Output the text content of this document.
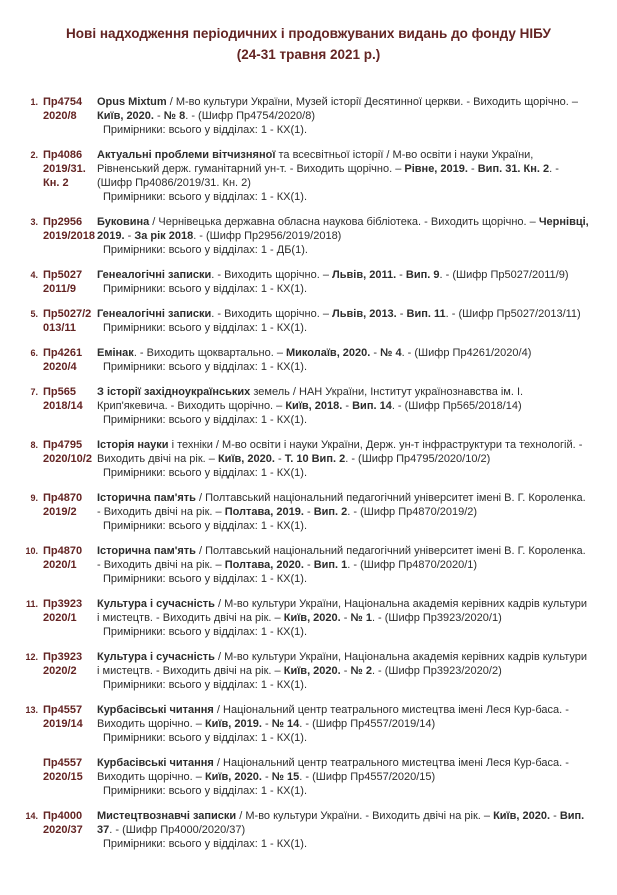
Нові надходження періодичних і продовжуваних видань до фонду НІБУ
(24-31 травня 2021 р.)
1. Пр4754
2020/8
Opus Mixtum / М-во культури України, Музей історії Десятинної церкви. - Виходить щорічно. – Київ, 2020. - № 8. - (Шифр Пр4754/2020/8)
Примірники: всього у відділах: 1 - КХ(1).
2. Пр4086
2019/31.
Кн. 2
Актуальні проблеми вітчизняної та всесвітньої історії / М-во освіти і науки України, Рівненський держ. гуманітарний ун-т. - Виходить щорічно. – Рівне, 2019. - Вип. 31. Кн. 2. - (Шифр Пр4086/2019/31. Кн. 2)
Примірники: всього у відділах: 1 - КХ(1).
3. Пр2956
2019/2018
Буковина / Чернівецька державна обласна наукова бібліотека. - Виходить щорічно. – Чернівці, 2019. - За рік 2018. - (Шифр Пр2956/2019/2018)
Примірники: всього у відділах: 1 - ДБ(1).
4. Пр5027
2011/9
Генеалогічні записки. - Виходить щорічно. – Львів, 2011. - Вип. 9. - (Шифр Пр5027/2011/9)
Примірники: всього у відділах: 1 - КХ(1).
5. Пр5027/2
013/11
Генеалогічні записки. - Виходить щорічно. – Львів, 2013. - Вип. 11. - (Шифр Пр5027/2013/11)
Примірники: всього у відділах: 1 - КХ(1).
6. Пр4261
2020/4
Емінак. - Виходить щоквартально. – Миколаїв, 2020. - № 4. - (Шифр Пр4261/2020/4)
Примірники: всього у відділах: 1 - КХ(1).
7. Пр565
2018/14
З історії західноукраїнських земель / НАН України, Інститут українознавства ім. І. Крип'якевича. - Виходить щорічно. – Київ, 2018. - Вип. 14. - (Шифр Пр565/2018/14)
Примірники: всього у відділах: 1 - КХ(1).
8. Пр4795
2020/10/2
Історія науки і техніки / М-во освіти і науки України, Держ. ун-т інфраструктури та технологій. - Виходить двічі на рік. – Київ, 2020. - Т. 10 Вип. 2. - (Шифр Пр4795/2020/10/2)
Примірники: всього у відділах: 1 - КХ(1).
9. Пр4870
2019/2
Історична пам'ять / Полтавський національний педагогічний університет імені В. Г. Короленка. - Виходить двічі на рік. – Полтава, 2019. - Вип. 2. - (Шифр Пр4870/2019/2)
Примірники: всього у відділах: 1 - КХ(1).
10. Пр4870
2020/1
Історична пам'ять / Полтавський національний педагогічний університет імені В. Г. Короленка. - Виходить двічі на рік. – Полтава, 2020. - Вип. 1. - (Шифр Пр4870/2020/1)
Примірники: всього у відділах: 1 - КХ(1).
11. Пр3923
2020/1
Культура і сучасність / М-во культури України, Національна академія керівних кадрів культури і мистецтв. - Виходить двічі на рік. – Київ, 2020. - № 1. - (Шифр Пр3923/2020/1)
Примірники: всього у відділах: 1 - КХ(1).
12. Пр3923
2020/2
Культура і сучасність / М-во культури України, Національна академія керівних кадрів культури і мистецтв. - Виходить двічі на рік. – Київ, 2020. - № 2. - (Шифр Пр3923/2020/2)
Примірники: всього у відділах: 1 - КХ(1).
13. Пр4557
2019/14
Курбасівські читання / Національний центр театрального мистецтва імені Леся Кур-баса. - Виходить щорічно. – Київ, 2019. - № 14. - (Шифр Пр4557/2019/14)
Примірники: всього у відділах: 1 - КХ(1).
Пр4557
2020/15
Курбасівські читання / Національний центр театрального мистецтва імені Леся Кур-баса. - Виходить щорічно. – Київ, 2020. - № 15. - (Шифр Пр4557/2020/15)
Примірники: всього у відділах: 1 - КХ(1).
14. Пр4000
2020/37
Мистецтвознавчі записки / М-во культури України. - Виходить двічі на рік. – Київ, 2020. - Вип. 37. - (Шифр Пр4000/2020/37)
Примірники: всього у відділах: 1 - КХ(1).
